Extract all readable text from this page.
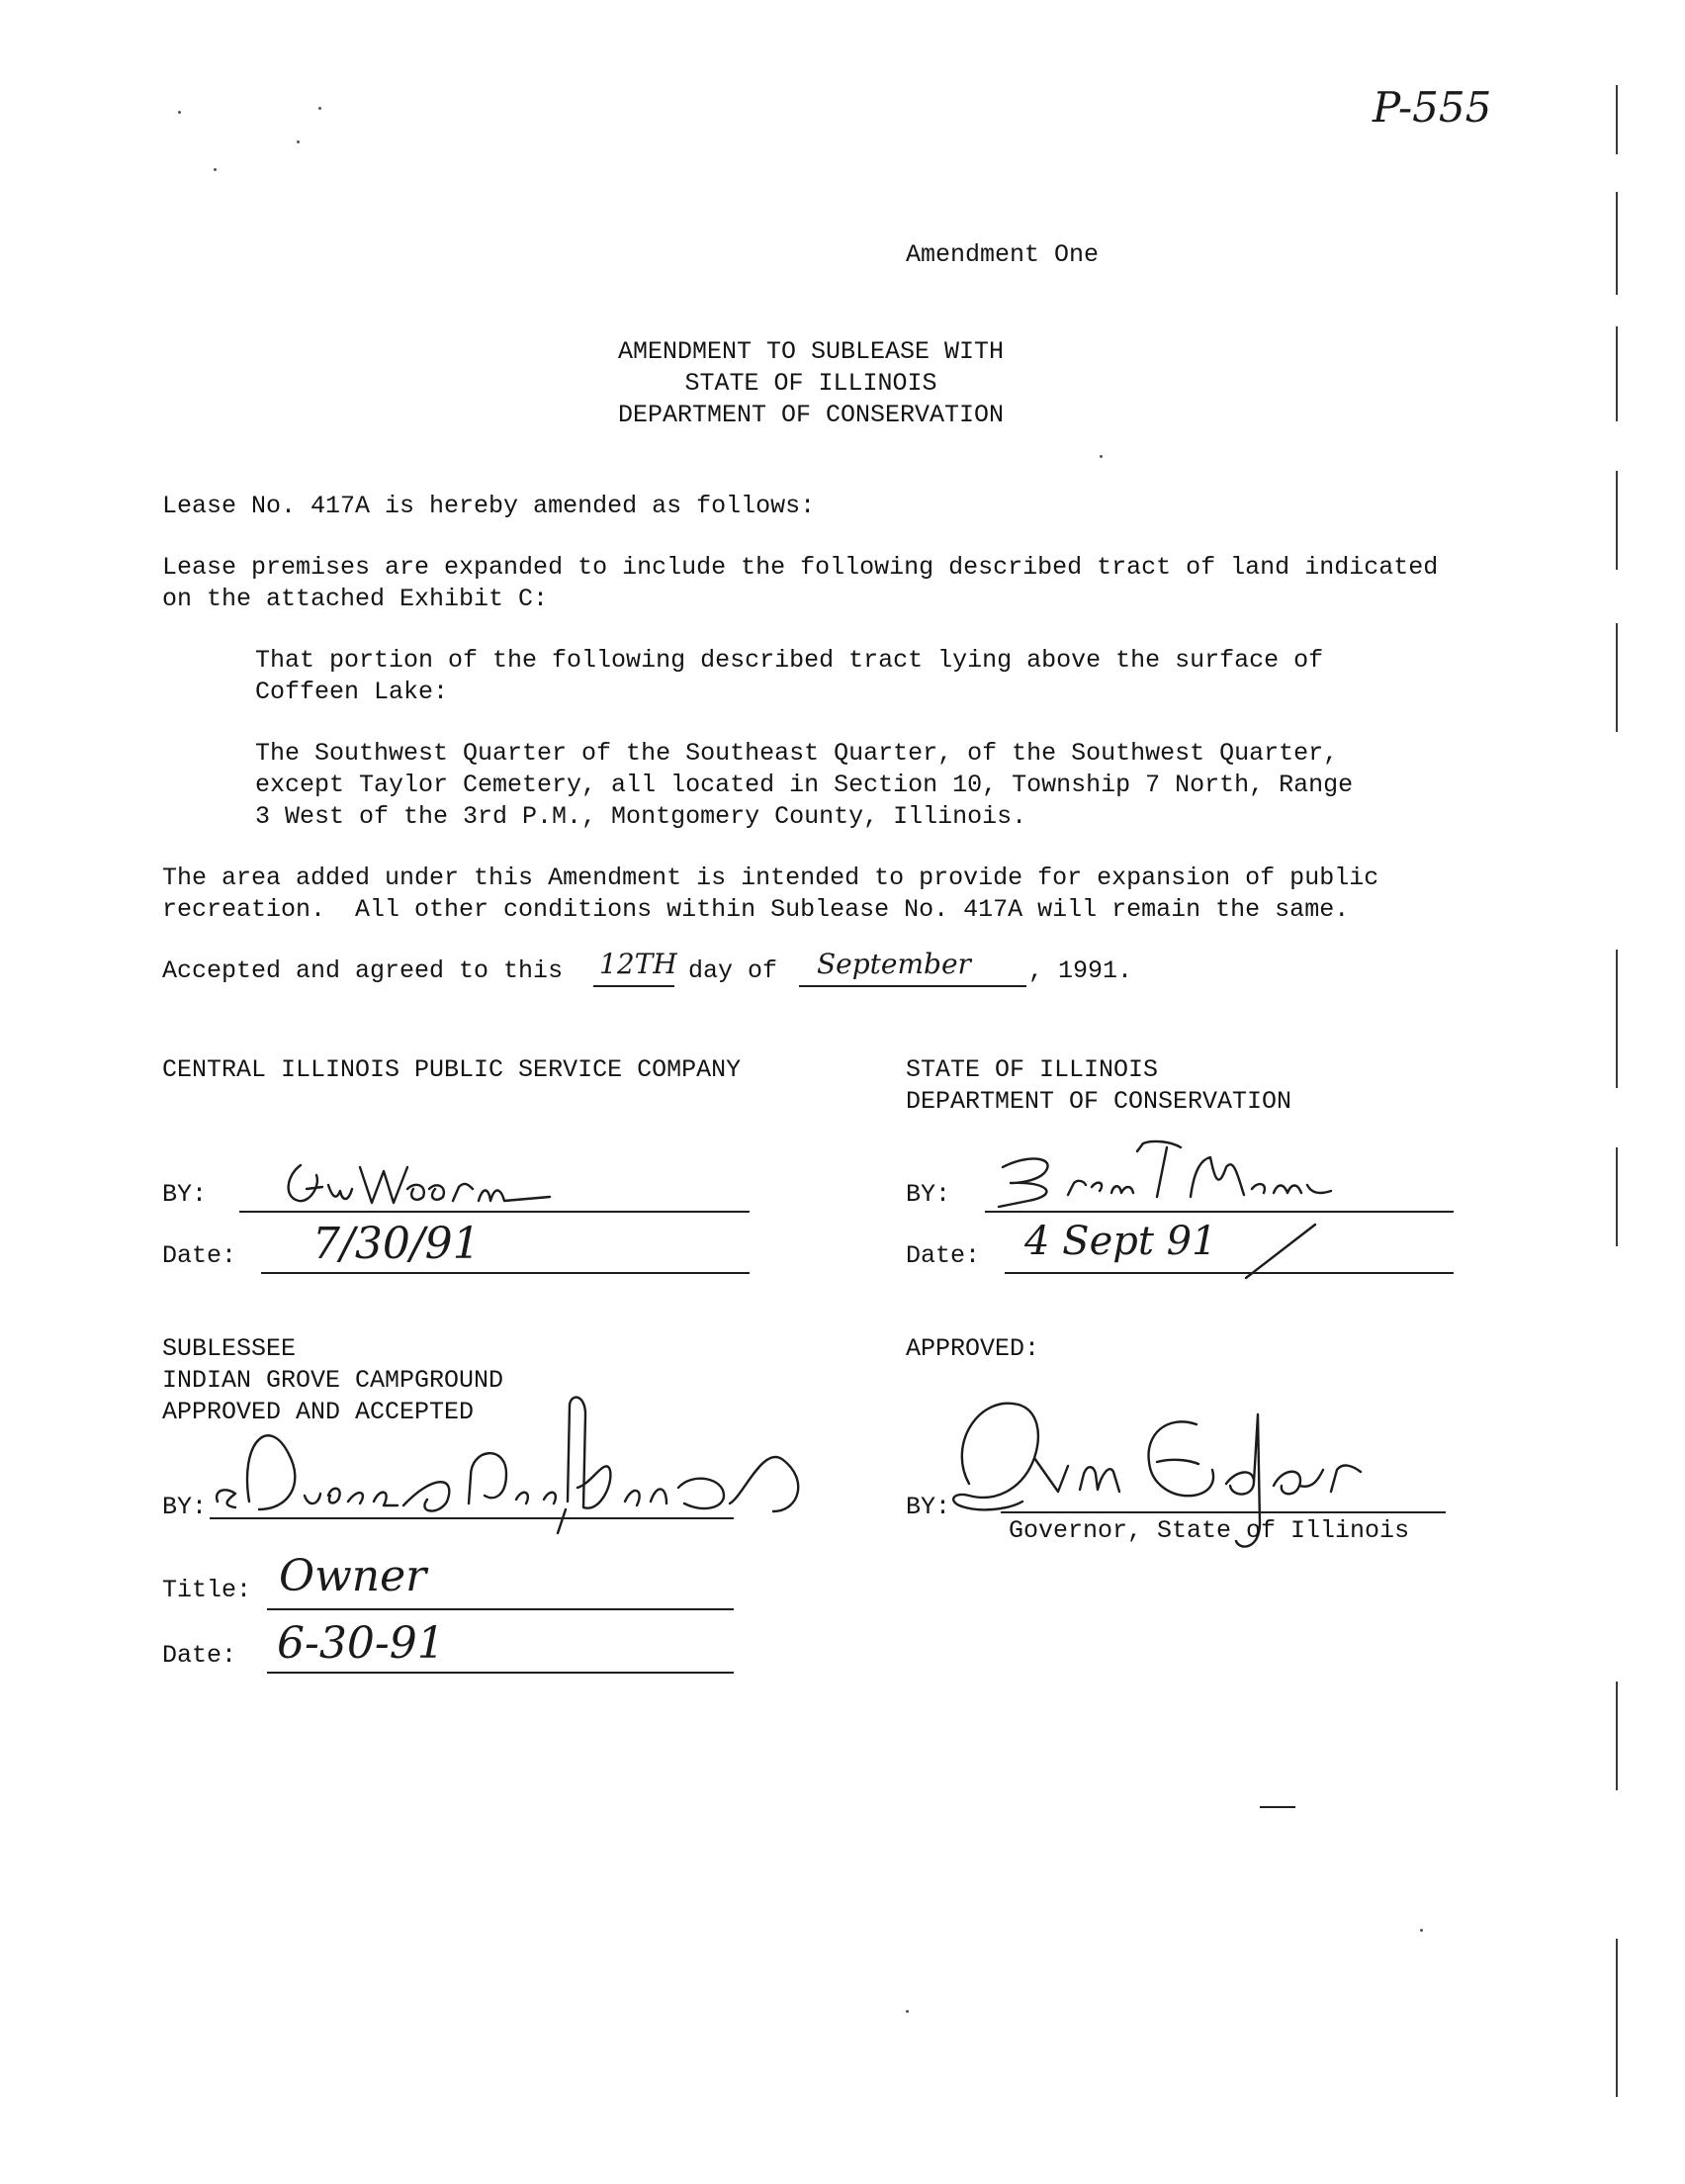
P-555
Amendment One
AMENDMENT TO SUBLEASE WITH
STATE OF ILLINOIS
DEPARTMENT OF CONSERVATION
Lease No. 417A is hereby amended as follows:
Lease premises are expanded to include the following described tract of land indicated
on the attached Exhibit C:
That portion of the following described tract lying above the surface of
Coffeen Lake:
The Southwest Quarter of the Southeast Quarter, of the Southwest Quarter,
except Taylor Cemetery, all located in Section 10, Township 7 North, Range
3 West of the 3rd P.M., Montgomery County, Illinois.
The area added under this Amendment is intended to provide for expansion of public
recreation.  All other conditions within Sublease No. 417A will remain the same.
Accepted and agreed to this 12TH day of September , 1991.
CENTRAL ILLINOIS PUBLIC SERVICE COMPANY
BY:
Date: 7/30/91
STATE OF ILLINOIS
DEPARTMENT OF CONSERVATION
BY:
Date: 4 Sept 91
SUBLESSEE
INDIAN GROVE CAMPGROUND
APPROVED AND ACCEPTED
BY:
Title: Owner
Date: 6-30-91
APPROVED:
BY:
Governor, State of Illinois
